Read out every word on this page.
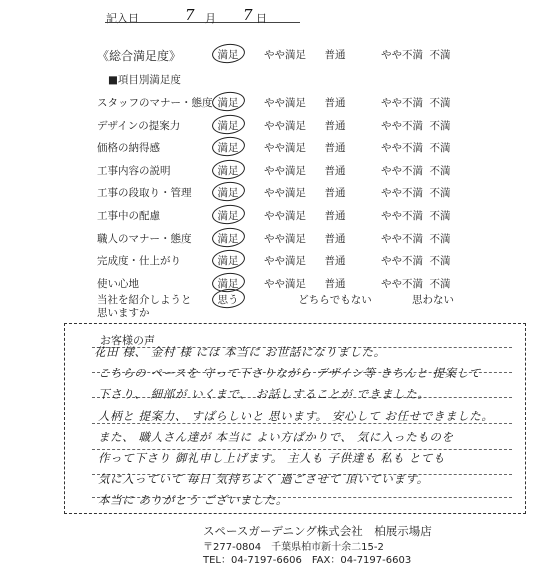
記入日	7 月 7 日
《総合満足度》	満足	やや満足	普通	やや不満 不満
■項目別満足度
スタッフのマナー・態度 満足	やや満足	普通	やや不満 不満
デザインの提案力	満足	やや満足	普通	やや不満 不満
価格の納得感	満足	やや満足	普通	やや不満 不満
工事内容の説明	満足	やや満足	普通	やや不満 不満
工事の段取り・管理	満足	やや満足	普通	やや不満 不満
工事中の配慮	満足	やや満足	普通	やや不満 不満
職人のマナー・態度	満足	やや満足	普通	やや不満 不満
完成度・仕上がり	満足	やや満足	普通	やや不満 不満
使い心地	満足	やや満足	普通	やや不満 不満
当社を紹介しようと
思いますか
思う	どちらでもない	思わない
お客様の声
花田 様、 金村 様 には 本当に お世話になりました。
こちらの ペースを 守って下さりながら デザイン等 きちんと 提案して
下さり、 細部が いくまで、 お話しすることが できました。
人柄と 提案力、 すばらしいと 思います。 安心して お任せできました。
また、 職人さん達が 本当に よい方ばかりで、 気に入ったものを
作って下さり 御礼申し上げます。 主人も 子供達も 私も とても
気に入っていて 毎日 気持ちよく 過ごさせて 頂いています。
本当に ありがとう ございました。
スペースガーデニング株式会社　柏展示場店
〒277-0804　千葉県柏市新十余二15-2
TEL：04-7197-6606　FAX：04-7197-6603
